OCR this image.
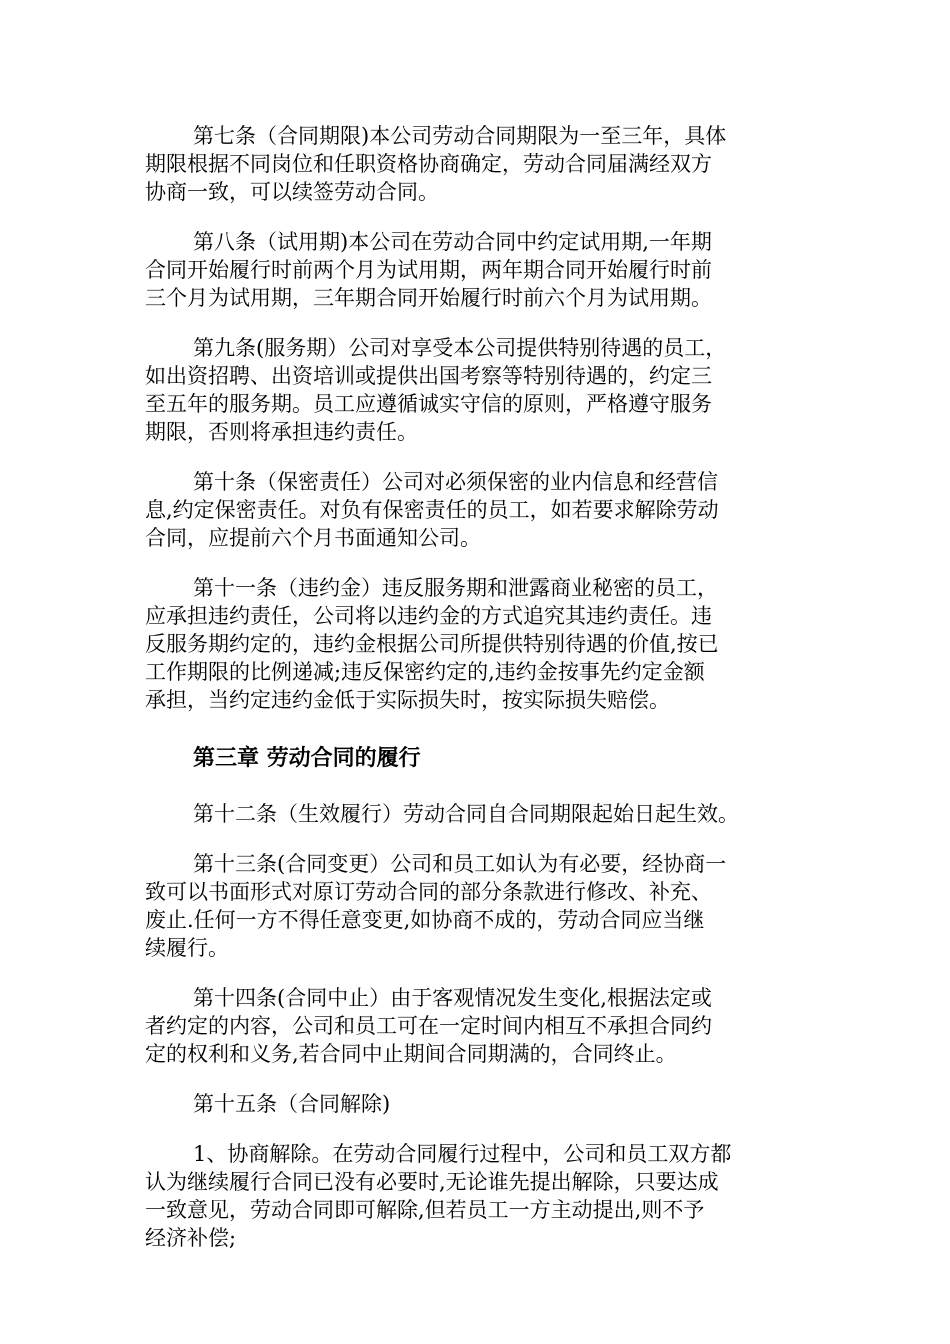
第七条（合同期限)本公司劳动合同期限为一至三年，具体
期限根据不同岗位和任职资格协商确定，劳动合同届满经双方
协商一致，可以续签劳动合同。

第八条（试用期)本公司在劳动合同中约定试用期,一年期
合同开始履行时前两个月为试用期，两年期合同开始履行时前
三个月为试用期，三年期合同开始履行时前六个月为试用期。

第九条(服务期）公司对享受本公司提供特别待遇的员工，
如出资招聘、出资培训或提供出国考察等特别待遇的，约定三
至五年的服务期。员工应遵循诚实守信的原则，严格遵守服务
期限，否则将承担违约责任。

第十条（保密责任）公司对必须保密的业内信息和经营信
息,约定保密责任。对负有保密责任的员工，如若要求解除劳动
合同，应提前六个月书面通知公司。

第十一条（违约金）违反服务期和泄露商业秘密的员工，
应承担违约责任，公司将以违约金的方式追究其违约责任。违
反服务期约定的，违约金根据公司所提供特别待遇的价值,按已
工作期限的比例递减;违反保密约定的,违约金按事先约定金额
承担，当约定违约金低于实际损失时，按实际损失赔偿。

第三章 劳动合同的履行

第十二条（生效履行）劳动合同自合同期限起始日起生效。

第十三条(合同变更）公司和员工如认为有必要，经协商一
致可以书面形式对原订劳动合同的部分条款进行修改、补充、
废止.任何一方不得任意变更,如协商不成的，劳动合同应当继
续履行。

第十四条(合同中止）由于客观情况发生变化,根据法定或
者约定的内容，公司和员工可在一定时间内相互不承担合同约
定的权利和义务,若合同中止期间合同期满的，合同终止。

第十五条（合同解除)

1、协商解除。在劳动合同履行过程中，公司和员工双方都
认为继续履行合同已没有必要时,无论谁先提出解除，只要达成
一致意见，劳动合同即可解除,但若员工一方主动提出,则不予
经济补偿;
